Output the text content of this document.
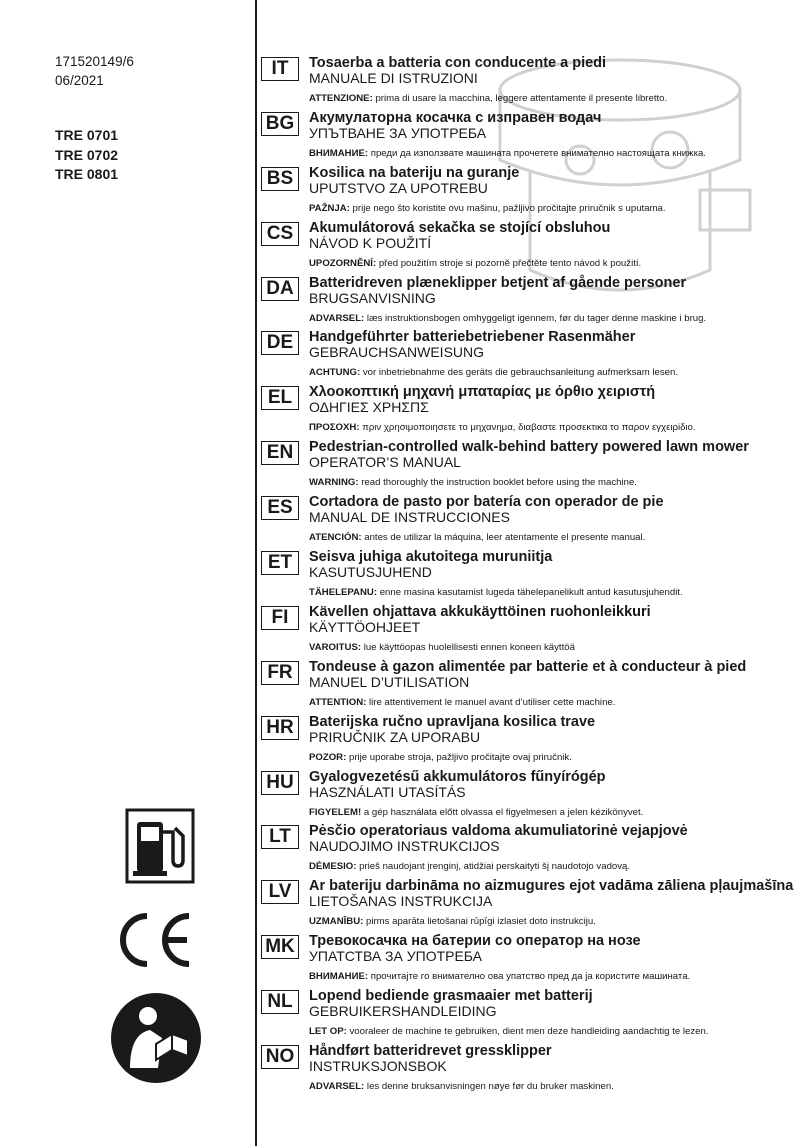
171520149/6
06/2021
TRE 0701
TRE 0702
TRE 0801
IT	Tosaerba a batteria con conducente a piedi
MANUALE DI ISTRUZIONI
ATTENZIONE: prima di usare la macchina, leggere attentamente il presente libretto.
BG	Акумулаторна косачка с изправен водач
УПЪТВАНЕ ЗА УПОТРЕБА
ВНИМАНИЕ: преди да използвате машината прочетете внимателно настоящата книжка.
BS	Kosilica na bateriju na guranje
UPUTSTVO ZA UPOTREBU
PAŽNJA: prije nego što koristite ovu mašinu, pažljivo pročitajte priručnik s uputama.
CS	Akumulátorová sekačka se stojící obsluhou
NÁVOD K POUŽITÍ
UPOZORNĚNÍ: před použitím stroje si pozorně přečtěte tento návod k použití.
DA	Batteridreven plæneklipper betjent af gående personer
BRUGSANVISNING
ADVARSEL: læs instruktionsbogen omhyggeligt igennem, før du tager denne maskine i brug.
DE	Handgeführter batteriebetriebener Rasenmäher
GEBRAUCHSANWEISUNG
ACHTUNG: vor inbetriebnahme des geräts die gebrauchsanleitung aufmerksam lesen.
EL	Χλοοκοπτική μηχανή μπαταρίας με όρθιο χειριστή
ΟΔΗΓΙΕΣ ΧΡΗΣΠΣ
ΠΡΟΣΟΧΗ: πριν χρησιμοποιησετε το μηχανημα, διαβαστε προσεκτικα το παρον εγχειρiδιο.
EN	Pedestrian-controlled walk-behind battery powered lawn mower
OPERATOR’S MANUAL
WARNING: read thoroughly the instruction booklet before using the machine.
ES	Cortadora de pasto por batería con operador de pie
MANUAL DE INSTRUCCIONES
ATENCIÓN: antes de utilizar la máquina, leer atentamente el presente manual.
ET	Seisva juhiga akutoitega muruniitja
KASUTUSJUHEND
TÄHELEPANU: enne masina kasutamist lugeda tähelepanelikult antud kasutusjuhendit.
FI	Kävellen ohjattava akkukäyttöinen ruohonleikkuri
KÄYTTÖOHJEET
VAROITUS: lue käyttöopas huolellisesti ennen koneen käyttöä
FR	Tondeuse à gazon alimentée par batterie et à conducteur à pied
MANUEL D’UTILISATION
ATTENTION: lire attentivement le manuel avant d’utiliser cette machine.
HR	Baterijska ručno upravljana kosilica trave
PRIRUČNIK ZA UPORABU
POZOR: prije uporabe stroja, pažljivo pročitajte ovaj priručnik.
HU	Gyalogvezetésű akkumulátoros fűnyírógép
HASZNÁLATI UTASÍTÁS
FIGYELEM! a gép használata előtt olvassa el figyelmesen a jelen kézikönyvet.
LT	Pėsčio operatoriaus valdoma akumuliatorinė vejapjovė
NAUDOJIMO INSTRUKCIJOS
DĖMESIO: prieš naudojant įrenginį, atidžiai perskaityti šį naudotojo vadovą.
LV	Ar bateriju darbināma no aizmugures ejot vadāma zāliena pļaujmašīna
LIETOŠANAS INSTRUKCIJA
UZMANĪBU: pirms aparāta lietošanai rūpīgi izlasiet doto instrukciju.
MK Тревокосачка на батерии со оператор на нозе
УПАТСТВА ЗА УПОТРЕБА
ВНИМАНИЕ: прочитајте го внимателно ова упатство пред да ја користите машината.
NL	Lopend bediende grasmaaier met batterij
GEBRUIKERSHANDLEIDING
LET OP: vooraleer de machine te gebruiken, dient men deze handleiding aandachtig te lezen.
NO	Håndført batteridrevet gressklipper
INSTRUKSJONSBOK
ADVARSEL: les denne bruksanvisningen nøye før du bruker maskinen.
